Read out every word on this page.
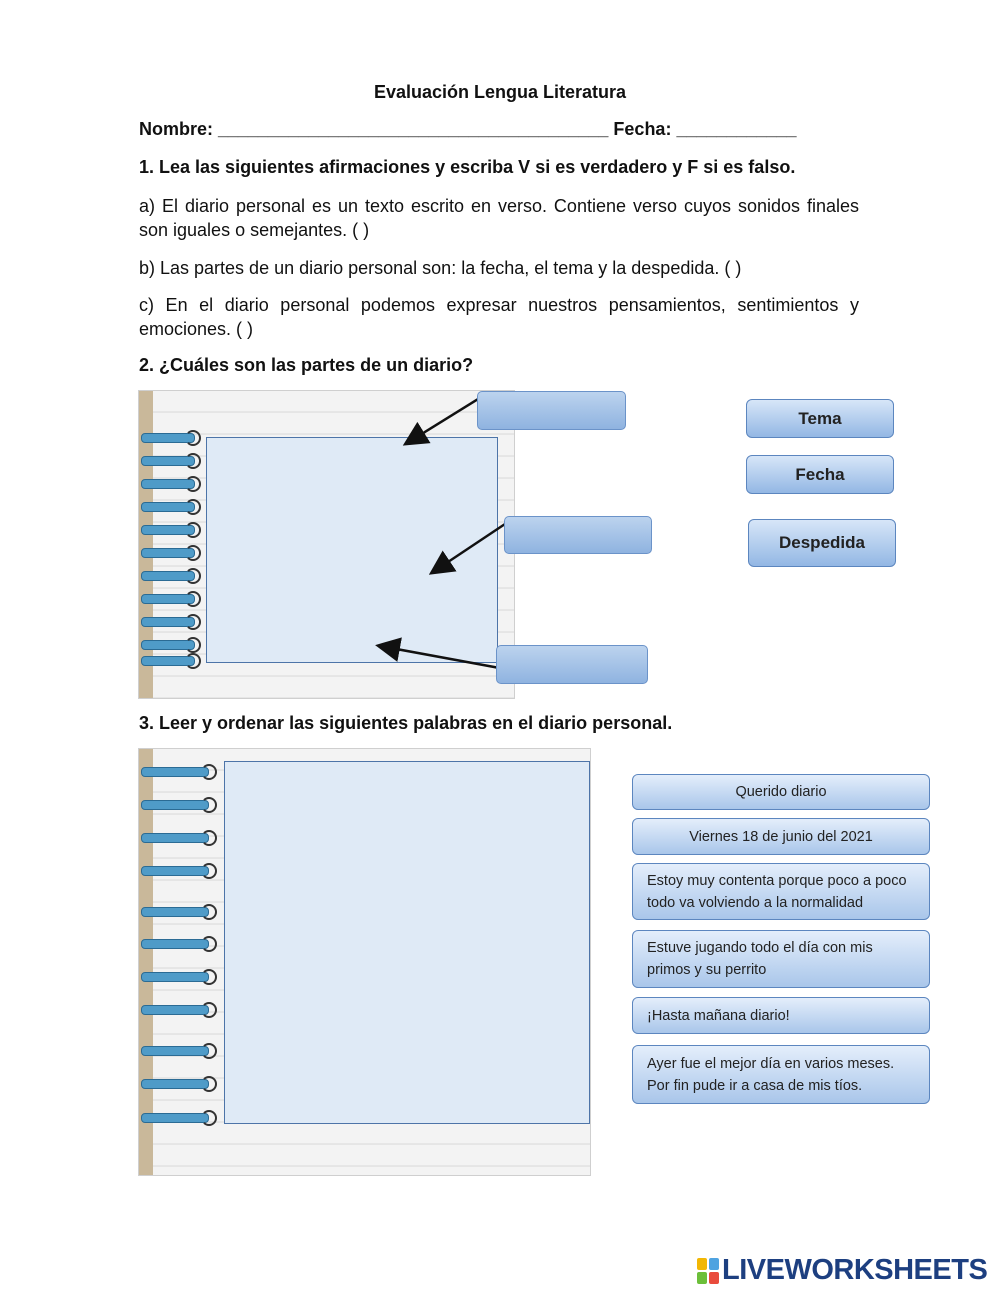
Evaluación Lengua Literatura
Nombre: _______________________________________ Fecha: ____________
1. Lea las siguientes afirmaciones y escriba V si es verdadero y F si es falso.
a) El diario personal es un texto escrito en verso. Contiene verso cuyos sonidos finales son iguales o semejantes. ( )
b) Las partes de un diario personal son: la fecha, el tema y la despedida. ( )
c) En el diario personal podemos expresar nuestros pensamientos, sentimientos y emociones. ( )
2. ¿Cuáles son las partes de un diario?
Tema
Fecha
Despedida
3. Leer y ordenar las siguientes palabras en el diario personal.
Querido diario
Viernes 18 de junio del 2021
Estoy muy contenta porque poco a poco todo va volviendo a la normalidad
Estuve jugando todo el día con mis primos y su perrito
¡Hasta mañana diario!
Ayer fue el mejor día en varios meses. Por fin pude ir a casa de mis tíos.
LIVEWORKSHEETS
